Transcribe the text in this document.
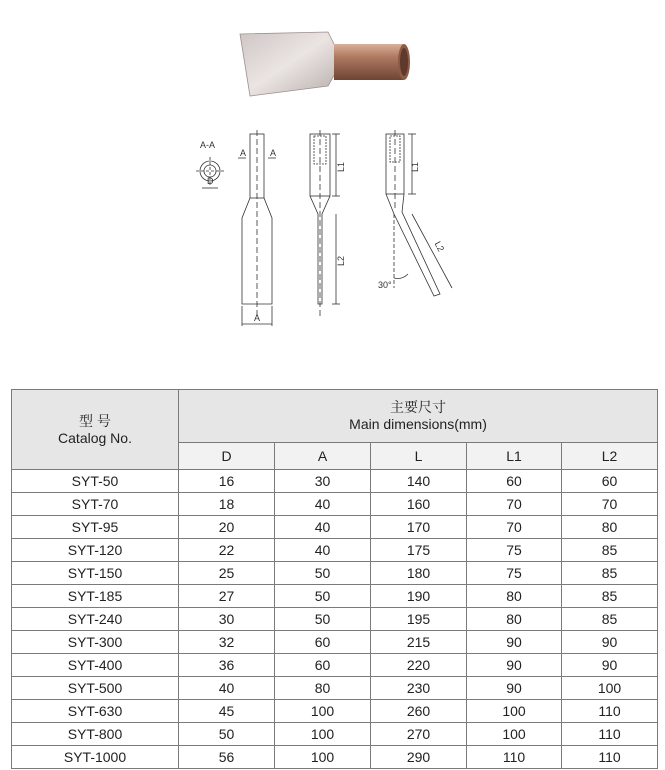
A-A
D
A	A
A
L1
L2
L1
L2
30°
型 号
Catalog No.	主要尺寸
Main dimensions(mm)				

	D	A	L	L1	L2
SYT-50	16	30	140	60	60
SYT-70	18	40	160	70	70
SYT-95	20	40	170	70	80
SYT-120	22	40	175	75	85
SYT-150	25	50	180	75	85
SYT-185	27	50	190	80	85
SYT-240	30	50	195	80	85
SYT-300	32	60	215	90	90
SYT-400	36	60	220	90	90
SYT-500	40	80	230	90	100
SYT-630	45	100	260	100	110
SYT-800	50	100	270	100	110
SYT-1000	56	100	290	110	110
